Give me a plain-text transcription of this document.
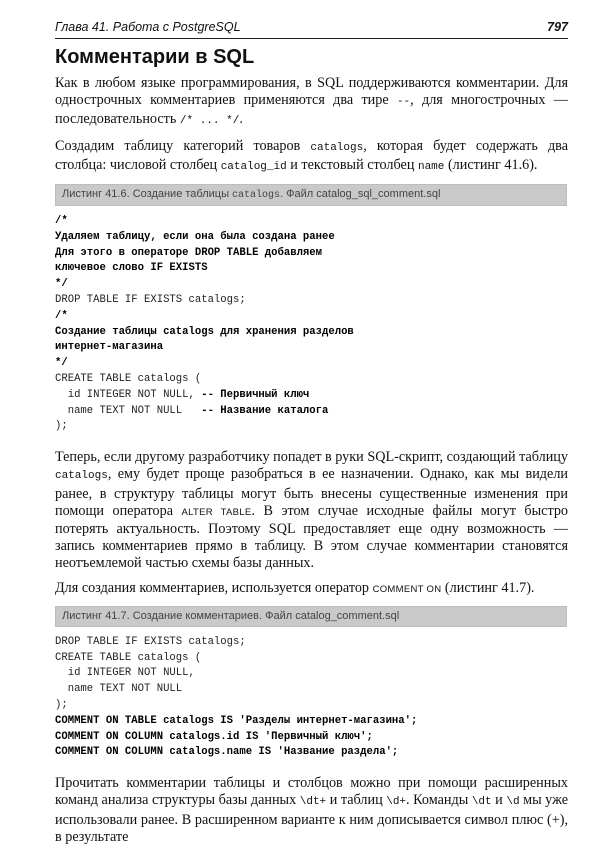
Глава 41. Работа с PostgreSQL	797
Комментарии в SQL
Как в любом языке программирования, в SQL поддерживаются комментарии. Для однострочных комментариев применяются два тире --, для многострочных — последовательность /* ... */.
Создадим таблицу категорий товаров catalogs, которая будет содержать два столбца: числовой столбец catalog_id и текстовый столбец name (листинг 41.6).
Листинг 41.6. Создание таблицы catalogs. Файл catalog_sql_comment.sql
/*
Удаляем таблицу, если она была создана ранее
Для этого в операторе DROP TABLE добавляем
ключевое слово IF EXISTS
*/
DROP TABLE IF EXISTS catalogs;
/*
Создание таблицы catalogs для хранения разделов
интернет-магазина
*/
CREATE TABLE catalogs (
id INTEGER NOT NULL, -- Первичный ключ
name TEXT NOT NULL   -- Название каталога
);
Теперь, если другому разработчику попадет в руки SQL-скрипт, создающий таблицу catalogs, ему будет проще разобраться в ее назначении. Однако, как мы видели ранее, в структуру таблицы могут быть внесены существенные изменения при помощи оператора ALTER TABLE. В этом случае исходные файлы могут быстро потерять актуальность. Поэтому SQL предоставляет еще одну возможность — запись комментариев прямо в таблицу. В этом случае комментарии становятся неотъемлемой частью схемы базы данных.
Для создания комментариев, используется оператор COMMENT ON (листинг 41.7).
Листинг 41.7. Создание комментариев. Файл catalog_comment.sql
DROP TABLE IF EXISTS catalogs;
CREATE TABLE catalogs (
id INTEGER NOT NULL,
name TEXT NOT NULL
);
COMMENT ON TABLE catalogs IS 'Разделы интернет-магазина';
COMMENT ON COLUMN catalogs.id IS 'Первичный ключ';
COMMENT ON COLUMN catalogs.name IS 'Название раздела';
Прочитать комментарии таблицы и столбцов можно при помощи расширенных команд анализа структуры базы данных \dt+ и таблиц \d+. Команды \dt и \d мы уже использовали ранее. В расширенном варианте к ним дописывается символ плюс (+), в результате
